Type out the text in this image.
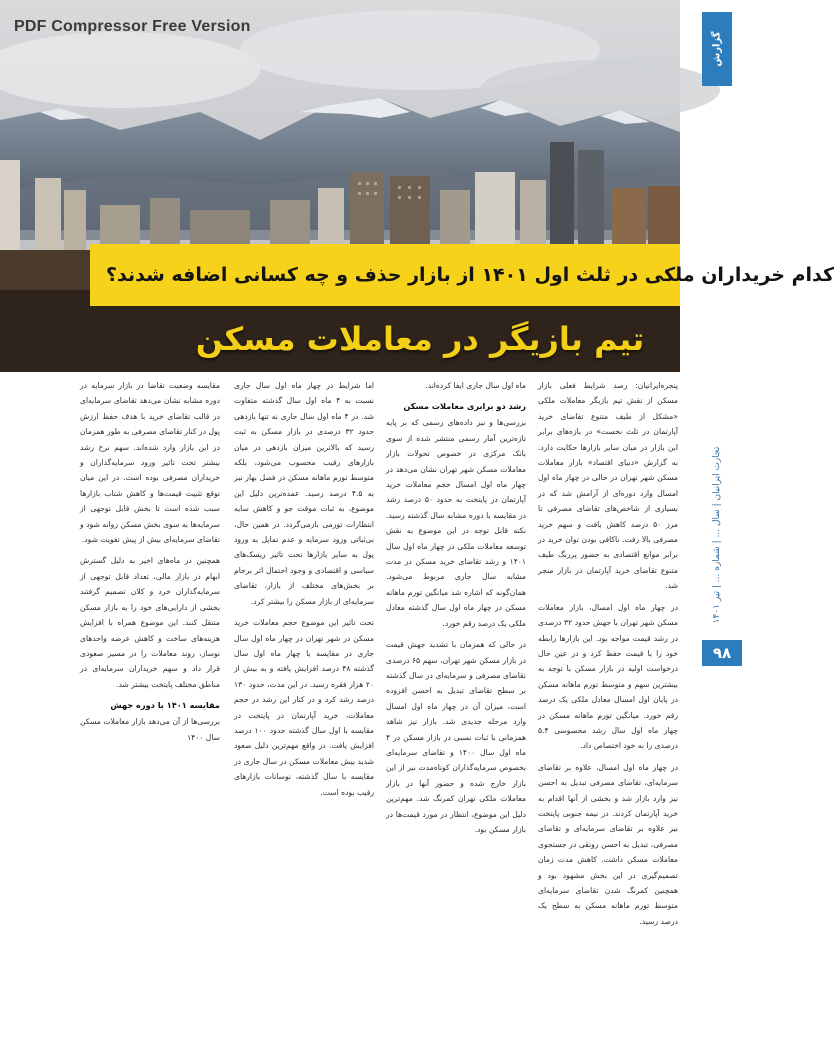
PDF Compressor Free Version
کدام خریداران ملکی در ثلث اول ۱۴۰۱ از بازار حذف و چه کسانی اضافه شدند؟
تیم بازیگر در معاملات مسکن
گزارش
تجارت ایرانیان | سال ... | شماره ... | تیر ۱۴۰۱
۹۸

پنجره‌ایرانیان: رصد شرایط فعلی بازار مسکن از نقش تیم بازیگر معاملات ملکی «مشکل از طیف متنوع تقاضای خرید آپارتمان در ثلث نخست» در بازه‌های برابر این بازار در میان سایر بازارها حکایت دارد. به گزارش «دنیای اقتصاد» بازار معاملات مسکن شهر تهران در حالی در چهار ماه اول امسال وارد دوره‌ای از آرامش شد که در بسیاری از شاخص‌های تقاضای مصرفی تا مرز ۵۰ درصد کاهش یافت و سهم خرید مصرفی بالا رفت. ناکافی بودن توان خرید در برابر موانع اقتصادی به حضور پررنگ طیف متنوع تقاضای خرید آپارتمان در بازار منجر شد.

در چهار ماه اول امسال، بازار معاملات مسکن شهر تهران با جهش حدود ۳۲ درصدی در رشد قیمت مواجه بود. این بازارها رابطه خود را با قیمت حفظ کرد و در عین حال درخواست اولیه در بازار مسکن با توجه به بیشترین سهم و متوسط تورم ماهانه مسکن در پایان اول امسال معادل ملکی یک درصد رقم خورد. میانگین تورم ماهانه مسکن در چهار ماه اول سال رشد محسوسی ۵.۴ درصدی را به خود اختصاص داد.

در چهار ماه اول امسال، علاوه بر تقاضای سرمایه‌ای، تقاضای مصرفی تبدیل به احسن نیز وارد بازار شد و بخشی از آنها اقدام به خرید آپارتمان کردند. در نیمه جنوبی پایتخت نیز علاوه بر تقاضای سرمایه‌ای و تقاضای مصرفی، تبدیل به احسن رونقی در جستجوی معاملات مسکن داشت. کاهش مدت زمان تصمیم‌گیری در این بخش مشهود بود و همچنین کمرنگ شدن تقاضای سرمایه‌ای متوسط تورم ماهانه مسکن به سطح یک درصد رسید.

ماه اول سال جاری ایفا کرده‌اند.

رشد دو برابری معاملات مسکن

بررسی‌ها و نیز داده‌های رسمی که بر پایه تازه‌ترین آمار رسمی منتشر شده از سوی بانک مرکزی در خصوص تحولات بازار معاملات مسکن شهر تهران نشان می‌دهد در چهار ماه اول امسال حجم معاملات خرید آپارتمان در پایتخت به حدود ۵۰ درصد رشد در مقایسه با دوره مشابه سال گذشته رسید. نکته قابل توجه در این موضوع به نقش توسعه معاملات ملکی در چهار ماه اول سال ۱۴۰۱ و رشد تقاضای خرید مسکن در مدت مشابه سال جاری مربوط می‌شود. همان‌گونه که اشاره شد میانگین تورم ماهانه مسکن در چهار ماه اول سال گذشته معادل ملکی یک درصد رقم خورد.

در حالی که همزمان با تشدید جهش قیمت در بازار مسکن شهر تهران، سهم ۶۵ درصدی تقاضای مصرفی و سرمایه‌ای در سال گذشته بر سطح تقاضای تبدیل به احسن افزوده است، میزان آن در چهار ماه اول امسال وارد مرحله جدیدی شد. بازار نیز شاهد همزمانی با ثبات نسبی در بازار مسکن در ۴ ماه اول سال ۱۴۰۰ و تقاضای سرمایه‌ای بخصوص سرمایه‌گذاران کوتاه‌مدت نیز از این بازار خارج شده و حضور آنها در بازار معاملات ملکی تهران کمرنگ شد. مهم‌ترین دلیل این موضوع، انتظار در مورد قیمت‌ها در بازار مسکن بود.

اما شرایط در چهار ماه اول سال جاری نسبت به ۴ ماه اول سال گذشته متفاوت شد. در ۴ ماه اول سال جاری نه تنها بازدهی حدود ۳۲ درصدی در بازار مسکن به ثبت رسید که بالاترین میزان بازدهی در میان بازارهای رقیب محسوب می‌شود، بلکه متوسط تورم ماهانه مسکن در فصل بهار نیز به ۴.۵ درصد رسید. عمده‌ترین دلیل این موضوع، به ثبات موقت جو و کاهش سایه انتظارات تورمی بازمی‌گردد. در همین حال، بی‌ثباتی ورود سرمایه و عدم تمایل به ورود پول به سایر بازارها تحت تاثیر ریسک‌های سیاسی و اقتصادی و وجود احتمال اثر برجام بر بخش‌های مختلف از بازار، تقاضای سرمایه‌ای از بازار مسکن را بیشتر کرد.

تحت تاثیر این موضوع حجم معاملات خرید مسکن در شهر تهران در چهار ماه اول سال جاری در مقایسه با چهار ماه اول سال گذشته ۴۸ درصد افزایش یافته و به بیش از ۲۰ هزار فقره رسید. در این مدت، حدود ۱۳۰ درصد رشد کرد و در کنار این رشد در حجم معاملات، خرید آپارتمان در پایتخت در مقایسه با اول سال گذشته حدود ۱۰۰ درصد افزایش یافت. در واقع مهم‌ترین دلیل صعود شدید بیش معاملات مسکن در سال جاری در مقایسه با سال گذشته، نوسانات بازارهای رقیب بوده است.

مقایسه وضعیت تقاضا در بازار سرمایه در دوره مشابه نشان می‌دهد تقاضای سرمایه‌ای در قالب تقاضای خرید با هدف حفظ ارزش پول در کنار تقاضای مصرفی به طور همزمان در این بازار وارد شده‌اند. سهم نرخ رشد بیشتر تحت تاثیر ورود سرمایه‌گذاران و خریداران مصرفی بوده است. در این میان توقع تثبیت قیمت‌ها و کاهش شتاب بازارها سبب شده است تا بخش قابل توجهی از سرمایه‌ها به سوی بخش مسکن روانه شود و تقاضای سرمایه‌ای بیش از پیش تقویت شود.

همچنین در ماه‌های اخیر به دلیل گسترش ابهام در بازار مالی، تعداد قابل توجهی از سرمایه‌گذاران خرد و کلان تصمیم گرفتند بخشی از دارایی‌های خود را به بازار مسکن منتقل کنند. این موضوع همراه با افزایش هزینه‌های ساخت و کاهش عرضه واحدهای نوساز، روند معاملات را در مسیر صعودی قرار داد و سهم خریداران سرمایه‌ای در مناطق مختلف پایتخت بیشتر شد.

مقایسه ۱۴۰۱ با دوره جهش

بررسی‌ها از آن می‌دهد بازار معاملات مسکن سال ۱۴۰۰
